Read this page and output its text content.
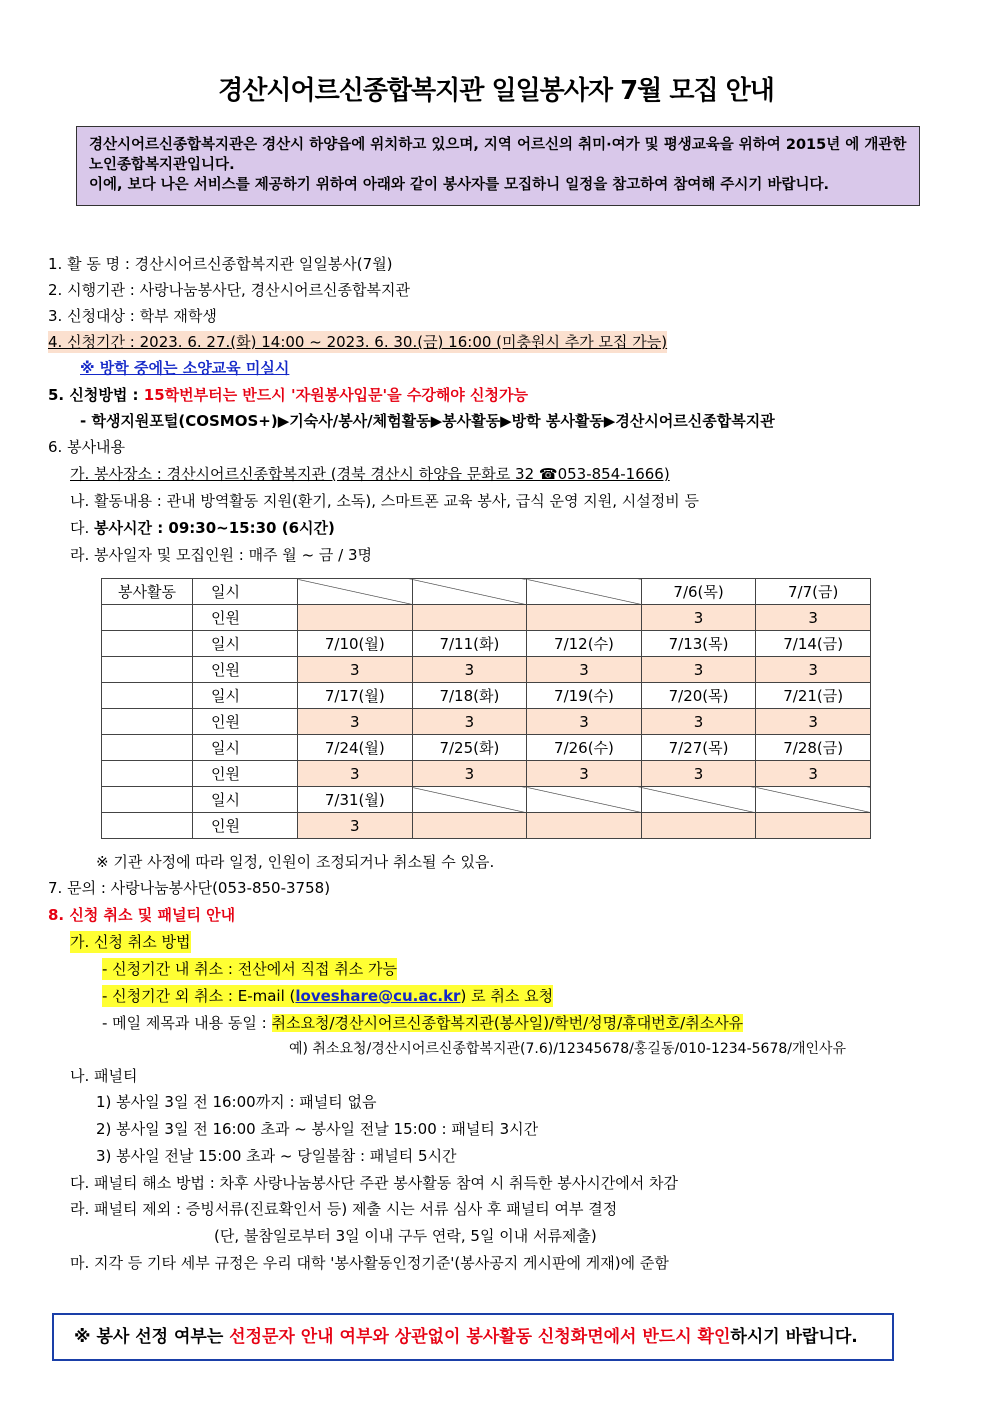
경산시어르신종합복지관 일일봉사자 7월 모집 안내

경산시어르신종합복지관은 경산시 하양읍에 위치하고 있으며, 지역 어르신의 취미·여가 및 평생교육을 위하여 2015년 에 개관한 노인종합복지관입니다.

이에, 보다 나은 서비스를 제공하기 위하여 아래와 같이 봉사자를 모집하니 일정을 참고하여 참여해 주시기 바랍니다.

1. 활 동 명 : 경산시어르신종합복지관 일일봉사(7월)
2. 시행기관 : 사랑나눔봉사단, 경산시어르신종합복지관
3. 신청대상 : 학부 재학생
4. 신청기간 : 2023. 6. 27.(화) 14:00 ~ 2023. 6. 30.(금) 16:00 (미충원시 추가 모집 가능)
※ 방학 중에는 소양교육 미실시
5. 신청방법 : 15학번부터는 반드시 '자원봉사입문'을 수강해야 신청가능
- 학생지원포털(COSMOS+)▶기숙사/봉사/체험활동▶봉사활동▶방학 봉사활동▶경산시어르신종합복지관
6. 봉사내용
가. 봉사장소 : 경산시어르신종합복지관 (경북 경산시 하양읍 문화로 32 ☎053-854-1666)
나. 활동내용 : 관내 방역활동 지원(환기, 소독), 스마트폰 교육 봉사, 급식 운영 지원, 시설정비 등
다. 봉사시간 : 09:30~15:30 (6시간)
라. 봉사일자 및 모집인원 : 매주 월 ~ 금 / 3명
봉사활동	일시				7/6(목)	7/7(금)
	인원				3	3
	일시	7/10(월)	7/11(화)	7/12(수)	7/13(목)	7/14(금)
	인원	3	3	3	3	3
	일시	7/17(월)	7/18(화)	7/19(수)	7/20(목)	7/21(금)
	인원	3	3	3	3	3
	일시	7/24(월)	7/25(화)	7/26(수)	7/27(목)	7/28(금)
	인원	3	3	3	3	3
	일시	7/31(월)				
	인원	3				
※ 기관 사정에 따라 일정, 인원이 조정되거나 취소될 수 있음.
7. 문의 : 사랑나눔봉사단(053-850-3758)
8. 신청 취소 및 패널티 안내
가. 신청 취소 방법
- 신청기간 내 취소 : 전산에서 직접 취소 가능
- 신청기간 외 취소 : E-mail (loveshare@cu.ac.kr) 로 취소 요청
- 메일 제목과 내용 동일 : 취소요청/경산시어르신종합복지관(봉사일)/학번/성명/휴대번호/취소사유
예) 취소요청/경산시어르신종합복지관(7.6)/12345678/홍길동/010-1234-5678/개인사유
나. 패널티
1) 봉사일 3일 전 16:00까지 : 패널티 없음
2) 봉사일 3일 전 16:00 초과 ~ 봉사일 전날 15:00 : 패널티 3시간
3) 봉사일 전날 15:00 초과 ~ 당일불참 : 패널티 5시간
다. 패널티 해소 방법 : 차후 사랑나눔봉사단 주관 봉사활동 참여 시 취득한 봉사시간에서 차감
라. 패널티 제외 : 증빙서류(진료확인서 등) 제출 시는 서류 심사 후 패널티 여부 결정
(단, 불참일로부터 3일 이내 구두 연락, 5일 이내 서류제출)
마. 지각 등 기타 세부 규정은 우리 대학 '봉사활동인정기준'(봉사공지 게시판에 게재)에 준함
※ 봉사 선정 여부는 선정문자 안내 여부와 상관없이 봉사활동 신청화면에서 반드시 확인하시기 바랍니다.
